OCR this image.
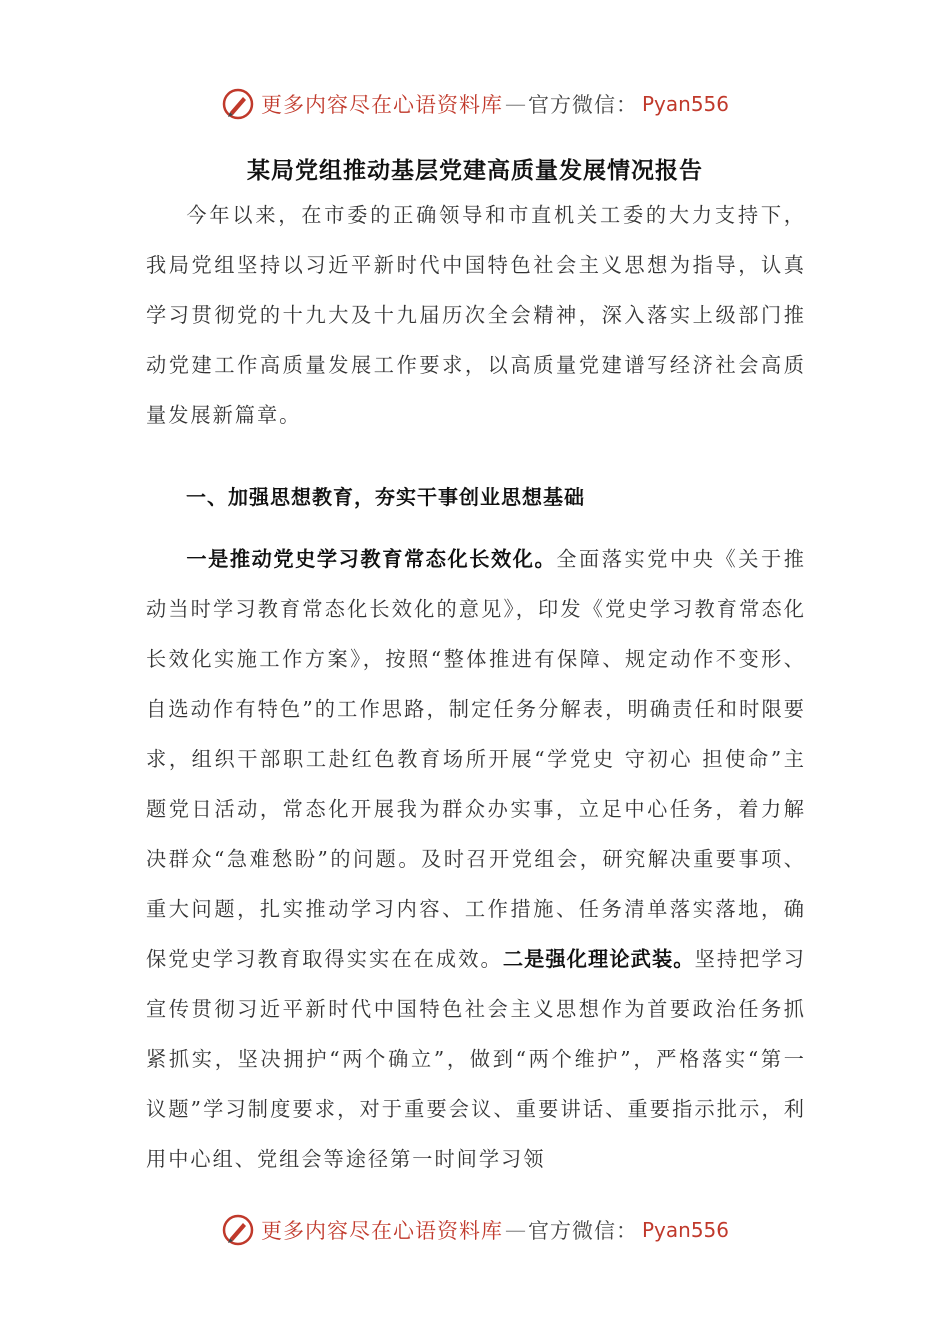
更多内容尽在心语资料库 — 官方微信： Pyan556
某局党组推动基层党建高质量发展情况报告

今年以来，在市委的正确领导和市直机关工委的大力支持下，我局党组坚持以习近平新时代中国特色社会主义思想为指导，认真学习贯彻党的十九大及十九届历次全会精神，深入落实上级部门推动党建工作高质量发展工作要求，以高质量党建谱写经济社会高质量发展新篇章。

一、加强思想教育，夯实干事创业思想基础

一是推动党史学习教育常态化长效化。全面落实党中央《关于推动当时学习教育常态化长效化的意见》，印发《党史学习教育常态化长效化实施工作方案》，按照“整体推进有保障、规定动作不变形、自选动作有特色”的工作思路，制定任务分解表，明确责任和时限要求，组织干部职工赴红色教育场所开展“学党史 守初心 担使命”主题党日活动，常态化开展我为群众办实事，立足中心任务，着力解决群众“急难愁盼”的问题。及时召开党组会，研究解决重要事项、重大问题，扎实推动学习内容、工作措施、任务清单落实落地，确保党史学习教育取得实实在在成效。二是强化理论武装。坚持把学习宣传贯彻习近平新时代中国特色社会主义思想作为首要政治任务抓紧抓实，坚决拥护“两个确立”，做到“两个维护”，严格落实“第一议题”学习制度要求，对于重要会议、重要讲话、重要指示批示，利用中心组、党组会等途径第一时间学习领

更多内容尽在心语资料库 — 官方微信： Pyan556
